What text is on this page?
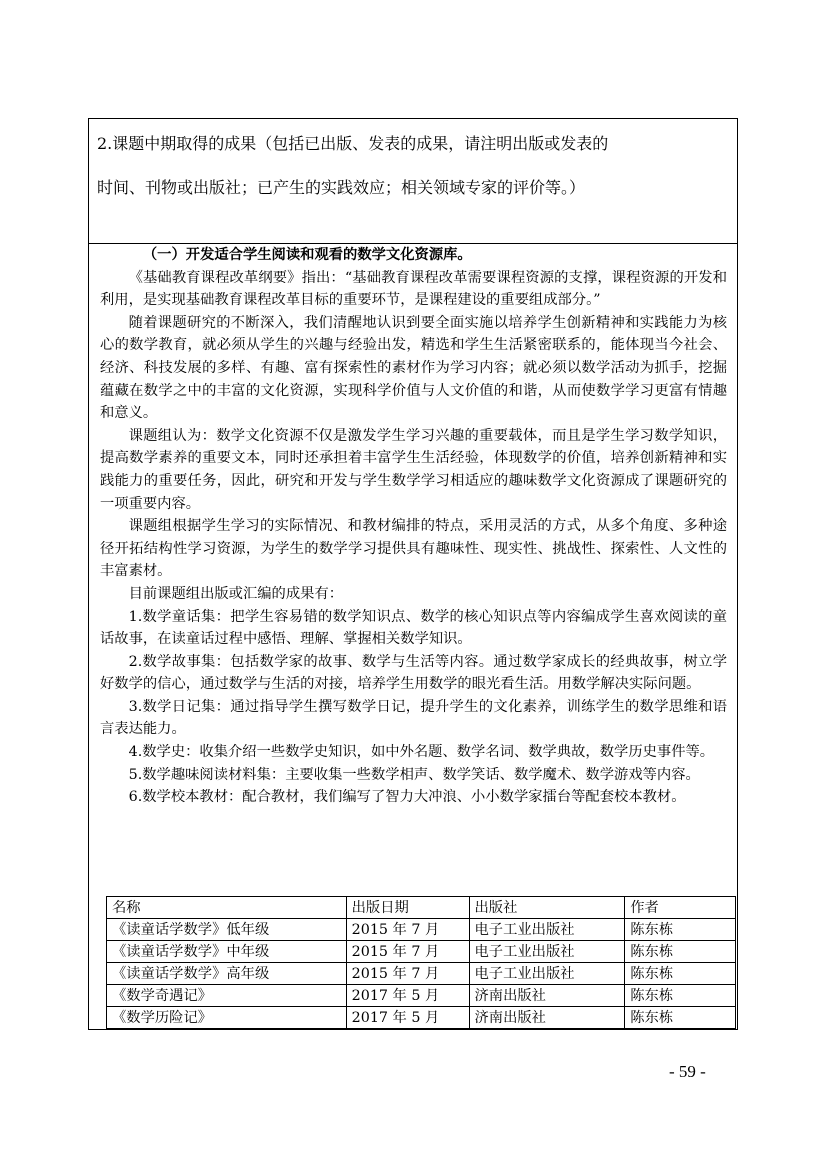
2.课题中期取得的成果（包括已出版、发表的成果，请注明出版或发表的
时间、刊物或出版社；已产生的实践效应；相关领域专家的评价等。）

（一）开发适合学生阅读和观看的数学文化资源库。

《基础教育课程改革纲要》指出：“基础教育课程改革需要课程资源的支撑，课程资源的开发和利用，是实现基础教育课程改革目标的重要环节，是课程建设的重要组成部分。”

随着课题研究的不断深入，我们清醒地认识到要全面实施以培养学生创新精神和实践能力为核心的数学教育，就必须从学生的兴趣与经验出发，精选和学生生活紧密联系的，能体现当今社会、经济、科技发展的多样、有趣、富有探索性的素材作为学习内容；就必须以数学活动为抓手，挖掘蕴藏在数学之中的丰富的文化资源，实现科学价值与人文价值的和谐，从而使数学学习更富有情趣和意义。

课题组认为：数学文化资源不仅是激发学生学习兴趣的重要载体，而且是学生学习数学知识，提高数学素养的重要文本，同时还承担着丰富学生生活经验，体现数学的价值，培养创新精神和实践能力的重要任务，因此，研究和开发与学生数学学习相适应的趣味数学文化资源成了课题研究的一项重要内容。

课题组根据学生学习的实际情况、和教材编排的特点，采用灵活的方式，从多个角度、多种途径开拓结构性学习资源，为学生的数学学习提供具有趣味性、现实性、挑战性、探索性、人文性的丰富素材。

目前课题组出版或汇编的成果有：

1.数学童话集：把学生容易错的数学知识点、数学的核心知识点等内容编成学生喜欢阅读的童话故事，在读童话过程中感悟、理解、掌握相关数学知识。

2.数学故事集：包括数学家的故事、数学与生活等内容。通过数学家成长的经典故事，树立学好数学的信心，通过数学与生活的对接，培养学生用数学的眼光看生活。用数学解决实际问题。

3.数学日记集：通过指导学生撰写数学日记，提升学生的文化素养，训练学生的数学思维和语言表达能力。

4.数学史：收集介绍一些数学史知识，如中外名题、数学名词、数学典故，数学历史事件等。

5.数学趣味阅读材料集：主要收集一些数学相声、数学笑话、数学魔术、数学游戏等内容。

6.数学校本教材：配合教材，我们编写了智力大冲浪、小小数学家擂台等配套校本教材。

名称	出版日期	出版社	作者
《读童话学数学》低年级	2015 年 7 月	电子工业出版社	陈东栋
《读童话学数学》中年级	2015 年 7 月	电子工业出版社	陈东栋
《读童话学数学》高年级	2015 年 7 月	电子工业出版社	陈东栋
《数学奇遇记》	2017 年 5 月	济南出版社	陈东栋
《数学历险记》	2017 年 5 月	济南出版社	陈东栋
- 59 -
